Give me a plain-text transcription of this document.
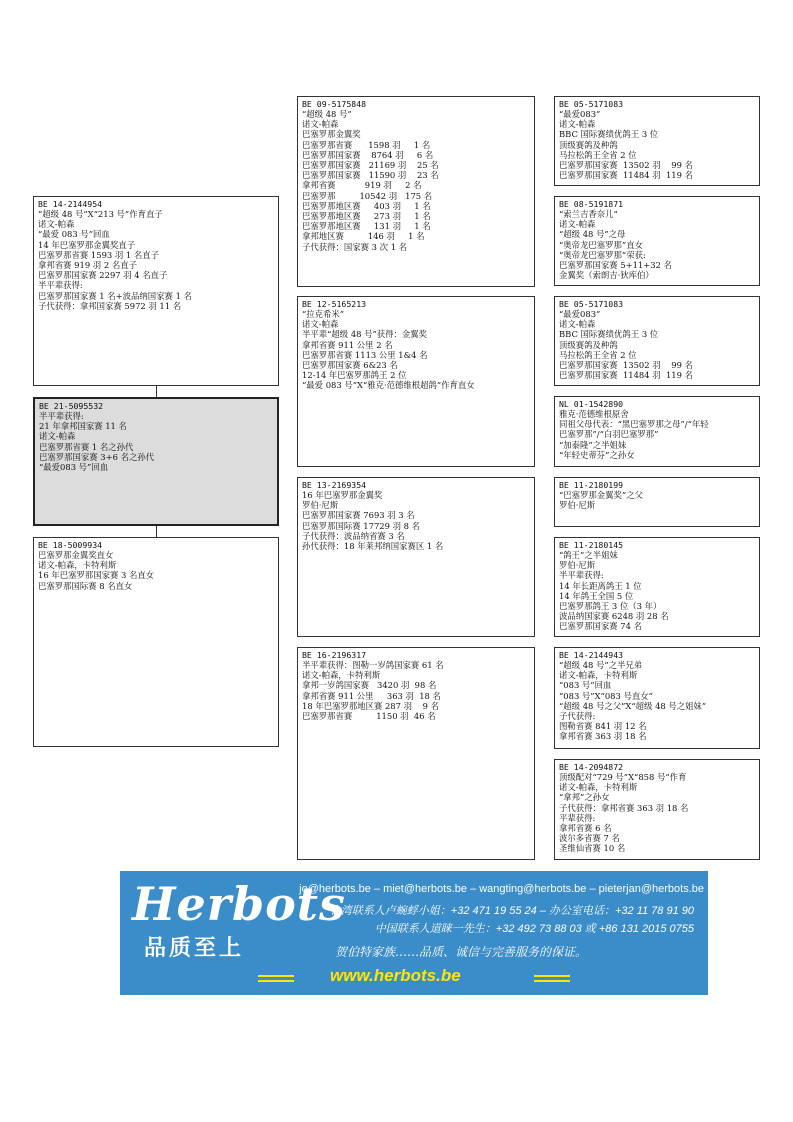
BE 21-5095532
半平辈获得:
21 年拿邦国家赛 11 名
诺文-帕森
巴塞罗那省赛 1 名之孙代
巴塞罗那国家赛 3+6 名之孙代
“最爱083 号”回血
BE 14-2144954
“超级 48 号”X“213 号”作育直子
诺文-帕森
“最爱 083 号”回血
14 年巴塞罗那金翼奖直子
巴塞罗那省赛 1593 羽 1 名直子
拿邦省赛 919 羽 2 名直子
巴塞罗那国家赛 2297 羽 4 名直子
半平辈获得:
巴塞罗那国家赛 1 名+波品纳国家赛 1 名
子代获得：拿邦国家赛 5972 羽 11 名
BE 18-5009934
巴塞罗那金翼奖直女
诺文-帕森，卡特利斯
16 年巴塞罗那国家赛 3 名直女
巴塞罗那国际赛 8 名直女
BE 09-5175848
“超级 48 号”
诺文-帕森
巴塞罗那金翼奖
巴塞罗那省赛      1598 羽     1 名
巴塞罗那国家赛    8764 羽     6 名
巴塞罗那国家赛   21169 羽    25 名
巴塞罗那国家赛   11590 羽    23 名
拿邦省赛           919 羽     2 名
巴塞罗那         10542 羽   175 名
巴塞罗那地区赛     403 羽     1 名
巴塞罗那地区赛     273 羽     1 名
巴塞罗那地区赛     131 羽     1 名
拿邦地区赛         146 羽     1 名
子代获得：国家赛 3 次 1 名
BE 12-5165213
“拉克希米”
诺文-帕森
半平辈“超级 48 号”获得：金翼奖
拿邦省赛 911 公里 2 名
巴塞罗那省赛 1113 公里 1&4 名
巴塞罗那国家赛 6&23 名
12-14 年巴塞罗那鸽王 2 位
“最爱 083 号”X“雅克·范德维根超鸽”作育直女
BE 13-2169354
16 年巴塞罗那金翼奖
罗伯·尼斯
巴塞罗那国家赛 7693 羽 3 名
巴塞罗那国际赛 17729 羽 8 名
子代获得：波品纳省赛 3 名
孙代获得：18 年莱邦纳国家赛区 1 名
BE 16-2196317
半平辈获得：图勒一岁鸽国家赛 61 名
诺文-帕森，卡特利斯
拿邦一岁鸽国家赛   3420 羽  98 名
拿邦省赛 911 公里     363 羽  18 名
18 年巴塞罗那地区赛 287 羽    9 名
巴塞罗那省赛         1150 羽  46 名
BE 05-5171083
“最爱083”
诺文-帕森
BBC 国际赛绩优鸽王 3 位
顶级赛鸽及种鸽
马拉松鸽王全省 2 位
巴塞罗那国家赛  13502 羽    99 名
巴塞罗那国家赛  11484 羽  119 名
BE 08-5191871
“索兰吉香奈儿”
诺文-帕森
“超级 48 号”之母
“奥帝龙巴塞罗那”直女
“奥帝龙巴塞罗那”荣获:
巴塞罗那国家赛 5+11+32 名
金翼奖（索朗吉·狄库伯）
BE 05-5171083
“最爱083”
诺文-帕森
BBC 国际赛绩优鸽王 3 位
顶级赛鸽及种鸽
马拉松鸽王全省 2 位
巴塞罗那国家赛  13502 羽    99 名
巴塞罗那国家赛  11484 羽  119 名
NL 01-1542890
雅克·范德维根原舍
同祖父母代表：“黑巴塞罗那之母”/“年轻
巴塞罗那”/“白羽巴塞罗那”
“加泰隆”之半姐妹
“年轻史蒂芬”之孙女
BE 11-2180199
“巴塞罗那金翼奖”之父
罗伯·尼斯
BE 11-2180145
“鸽王”之半姐妹
罗伯·尼斯
半平辈获得:
14 年长距离鸽王 1 位
14 年鸽王全国 5 位
巴塞罗那鸽王 3 位（3 年）
波品纳国家赛 6248 羽 28 名
巴塞罗那国家赛 74 名
BE 14-2144943
“超级 48 号”之半兄弟
诺文-帕森，卡特利斯
“083 号”回血
“083 号”X“083 号直女”
“超级 48 号之父”X“超级 48 号之姐妹”
子代获得:
图勒省赛 841 羽 12 名
拿邦省赛 363 羽 18 名
BE 14-2094872
顶级配对“729 号”X“858 号”作育
诺文-帕森，卡特利斯
“拿邦”之孙女
子代获得：拿邦省赛 363 羽 18 名
平辈获得:
拿邦省赛 6 名
波尔多省赛 7 名
圣维仙省赛 10 名
Herbots
品质至上
jo@herbots.be – miet@herbots.be – wangting@herbots.be – pieterjan@herbots.be
台湾联系人卢蜿蜉小姐：+32 471 19 55 24 – 办公室电话：+32 11 78 91 90
中国联系人道睐一先生：+32 492 73 88 03 或 +86 131 2015 0755
贺伯特家族……品质、诚信与完善服务的保证。
www.herbots.be
